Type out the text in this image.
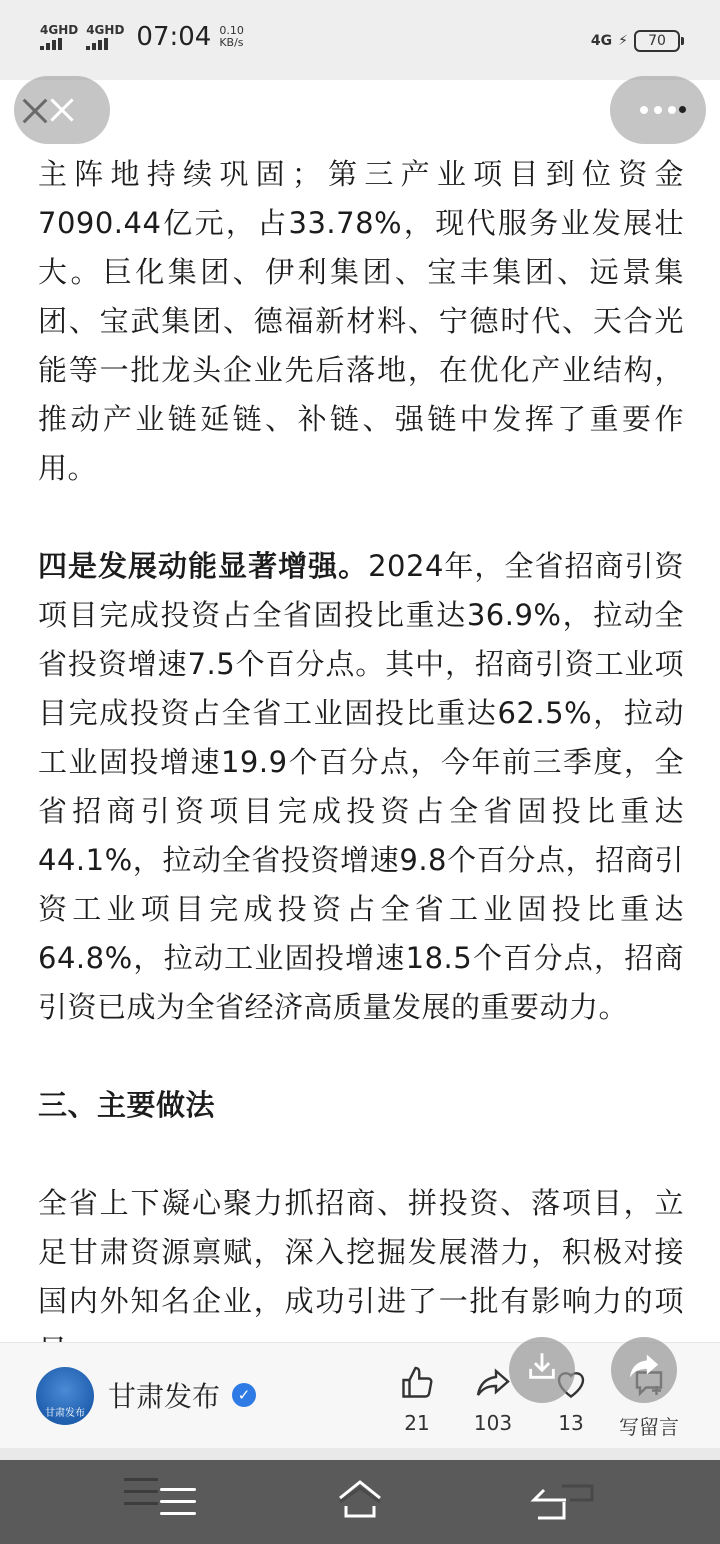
4GHD 4GHD 07:04 0.10
KB/s	4G ⚡	70

主阵地持续巩固；第三产业项目到位资金7090.44亿元，占33.78%，现代服务业发展壮大。巨化集团、伊利集团、宝丰集团、远景集团、宝武集团、德福新材料、宁德时代、天合光能等一批龙头企业先后落地，在优化产业结构，推动产业链延链、补链、强链中发挥了重要作用。

四是发展动能显著增强。2024年，全省招商引资项目完成投资占全省固投比重达36.9%，拉动全省投资增速7.5个百分点。其中，招商引资工业项目完成投资占全省工业固投比重达62.5%，拉动工业固投增速19.9个百分点，今年前三季度，全省招商引资项目完成投资占全省固投比重达44.1%，拉动全省投资增速9.8个百分点，招商引资工业项目完成投资占全省工业固投比重达64.8%，拉动工业固投增速18.5个百分点，招商引资已成为全省经济高质量发展的重要动力。

三、主要做法

全省上下凝心聚力抓招商、拼投资、落项目，立足甘肃资源禀赋，深入挖掘发展潜力，积极对接国内外知名企业，成功引进了一批有影响力的项

甘肃发布
甘肃发布	✓
21	103	13	写留言
